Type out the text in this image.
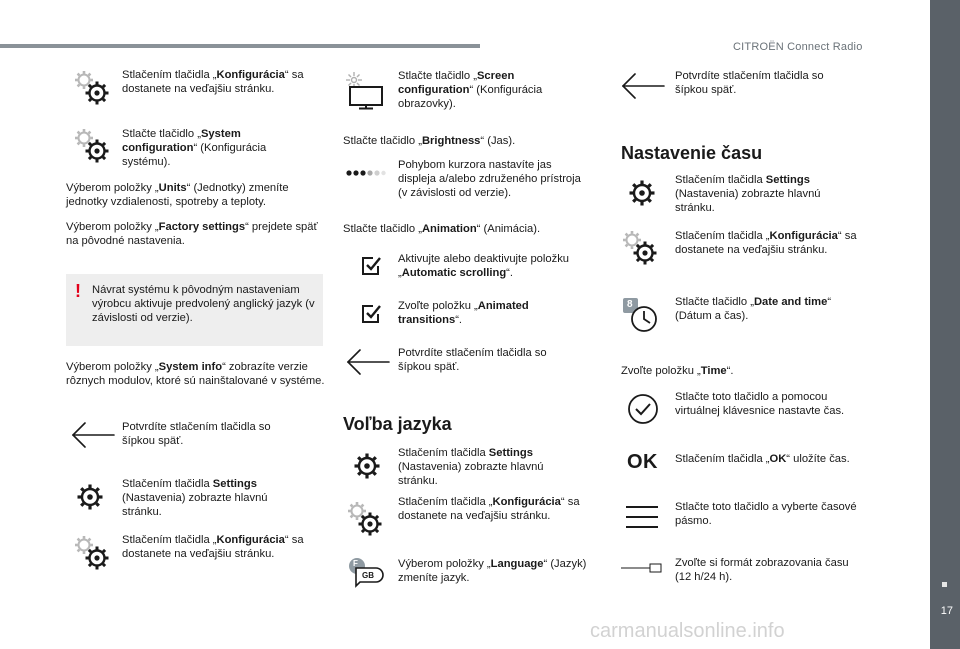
CITROËN Connect Radio
17
carmanualsonline.info
Stlačením tlačidla „Konfigurácia“ sa dostanete na veďajšiu stránku.
Stlačte tlačidlo „System configuration“ (Konfigurácia systému).
Výberom položky „Units“ (Jednotky) zmeníte jednotky vzdialenosti, spotreby a teploty.
Výberom položky „Factory settings“ prejdete späť na pôvodné nastavenia.
! Návrat systému k pôvodným nastaveniam výrobcu aktivuje predvolený anglický jazyk (v závislosti od verzie).
Výberom položky „System info“ zobrazíte verzie rôznych modulov, ktoré sú nainštalované v systéme.
Potvrdíte stlačením tlačidla so šípkou späť.
Stlačením tlačidla Settings (Nastavenia) zobrazte hlavnú stránku.
Stlačením tlačidla „Konfigurácia“ sa dostanete na veďajšiu stránku.
Stlačte tlačidlo „Screen configuration“ (Konfigurácia obrazovky).
Stlačte tlačidlo „Brightness“ (Jas).
Pohybom kurzora nastavíte jas displeja a/alebo združeného prístroja (v závislosti od verzie).
Stlačte tlačidlo „Animation“ (Animácia).
Aktivujte alebo deaktivujte položku „Automatic scrolling“.
Zvoľte položku „Animated transitions“.
Potvrdíte stlačením tlačidla so šípkou späť.
Voľba jazyka
Stlačením tlačidla Settings (Nastavenia) zobrazte hlavnú stránku.
Stlačením tlačidla „Konfigurácia“ sa dostanete na veďajšiu stránku.
F
GB
Výberom položky „Language“ (Jazyk) zmeníte jazyk.
Potvrdíte stlačením tlačidla so šípkou späť.
Nastavenie času
Stlačením tlačidla Settings (Nastavenia) zobrazte hlavnú stránku.
Stlačením tlačidla „Konfigurácia“ sa dostanete na veďajšiu stránku.
8	Stlačte tlačidlo „Date and time“ (Dátum a čas).
Zvoľte položku „Time“.
Stlačte toto tlačidlo a pomocou virtuálnej klávesnice nastavte čas.
OK Stlačením tlačidla „OK“ uložíte čas.
Stlačte toto tlačidlo a vyberte časové pásmo.
Zvoľte si formát zobrazovania času (12 h/24 h).
